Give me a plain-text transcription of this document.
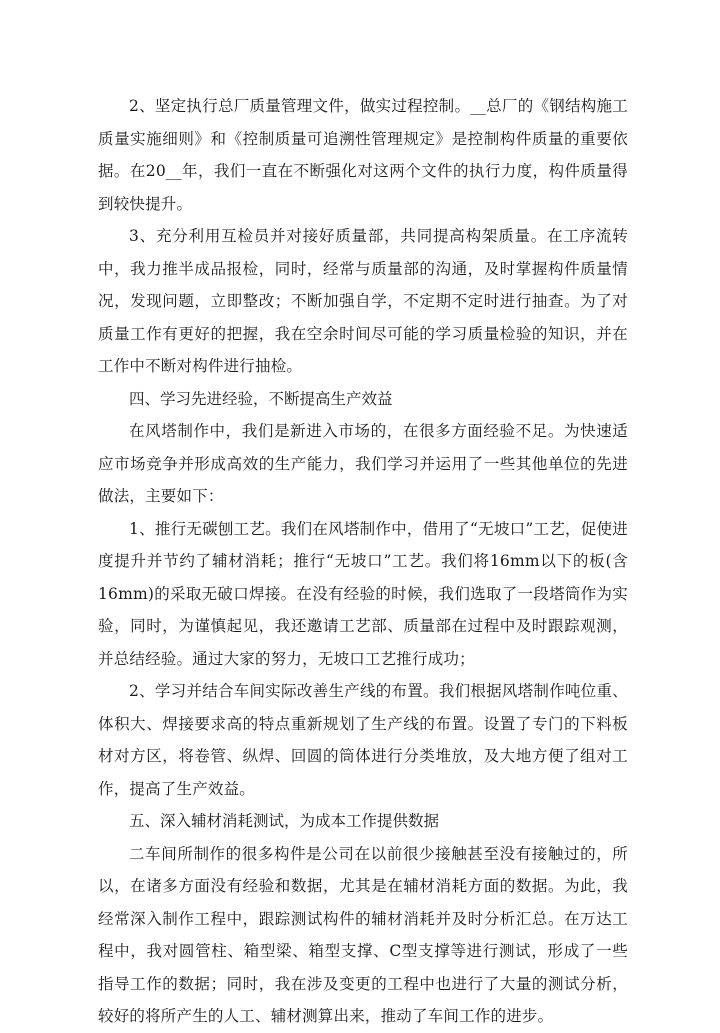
2、坚定执行总厂质量管理文件，做实过程控制。__总厂的《钢结构施工质量实施细则》和《控制质量可追溯性管理规定》是控制构件质量的重要依据。在20__年，我们一直在不断强化对这两个文件的执行力度，构件质量得到较快提升。

3、充分利用互检员并对接好质量部，共同提高构架质量。在工序流转中，我力推半成品报检，同时，经常与质量部的沟通，及时掌握构件质量情况，发现问题，立即整改；不断加强自学，不定期不定时进行抽查。为了对质量工作有更好的把握，我在空余时间尽可能的学习质量检验的知识，并在工作中不断对构件进行抽检。

四、学习先进经验，不断提高生产效益

在风塔制作中，我们是新进入市场的，在很多方面经验不足。为快速适应市场竞争并形成高效的生产能力，我们学习并运用了一些其他单位的先进做法，主要如下：

1、推行无碳刨工艺。我们在风塔制作中，借用了“无坡口”工艺，促使进度提升并节约了辅材消耗；推行“无坡口”工艺。我们将16mm以下的板(含16mm)的采取无破口焊接。在没有经验的时候，我们选取了一段塔筒作为实验，同时，为谨慎起见，我还邀请工艺部、质量部在过程中及时跟踪观测，并总结经验。通过大家的努力，无坡口工艺推行成功；

2、学习并结合车间实际改善生产线的布置。我们根据风塔制作吨位重、体积大、焊接要求高的特点重新规划了生产线的布置。设置了专门的下料板材对方区，将卷管、纵焊、回圆的筒体进行分类堆放，及大地方便了组对工作，提高了生产效益。

五、深入辅材消耗测试，为成本工作提供数据

二车间所制作的很多构件是公司在以前很少接触甚至没有接触过的，所以，在诸多方面没有经验和数据，尤其是在辅材消耗方面的数据。为此，我经常深入制作工程中，跟踪测试构件的辅材消耗并及时分析汇总。在万达工程中，我对圆管柱、箱型梁、箱型支撑、C型支撑等进行测试，形成了一些指导工作的数据；同时，我在涉及变更的工程中也进行了大量的测试分析，较好的将所产生的人工、辅材测算出来，推动了车间工作的进步。
